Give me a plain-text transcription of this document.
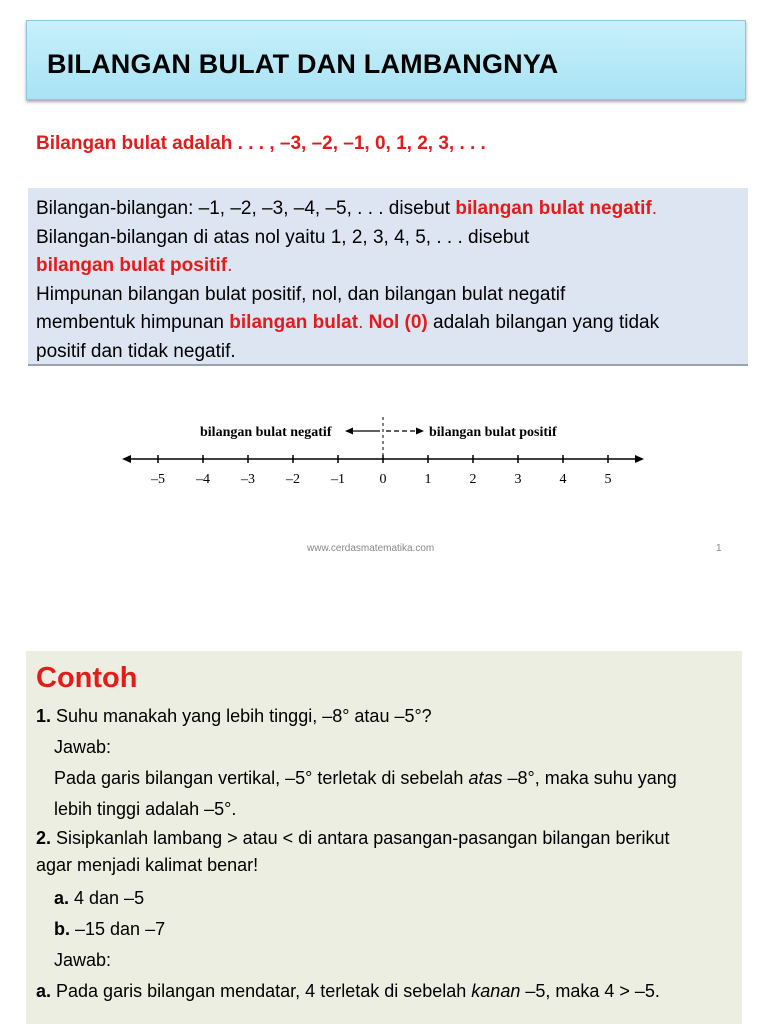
BILANGAN BULAT DAN LAMBANGNYA
Bilangan bulat adalah . . . , –3, –2, –1, 0, 1, 2, 3, . . .

Bilangan-bilangan: –1, –2, –3, –4, –5, . . . disebut bilangan bulat negatif.

Bilangan-bilangan di atas nol yaitu 1, 2, 3, 4, 5, . . . disebut

bilangan bulat positif.

Himpunan bilangan bulat positif, nol, dan bilangan bulat negatif

membentuk himpunan bilangan bulat. Nol (0) adalah bilangan yang tidak

positif dan tidak negatif.

bilangan bulat negatif	bilangan bulat positif
–5 –4 –3 –2 –1 0	1	2	3	4	5
www.cerdasmatematika.com	1
Contoh

1. Suhu manakah yang lebih tinggi, –8° atau –5°?

Jawab:

Pada garis bilangan vertikal, –5° terletak di sebelah atas –8°, maka suhu yang

lebih tinggi adalah –5°.

2. Sisipkanlah lambang > atau < di antara pasangan-pasangan bilangan berikut

agar menjadi kalimat benar!

a. 4 dan –5

b. –15 dan –7

Jawab:

a. Pada garis bilangan mendatar, 4 terletak di sebelah kanan –5, maka 4 > –5.
